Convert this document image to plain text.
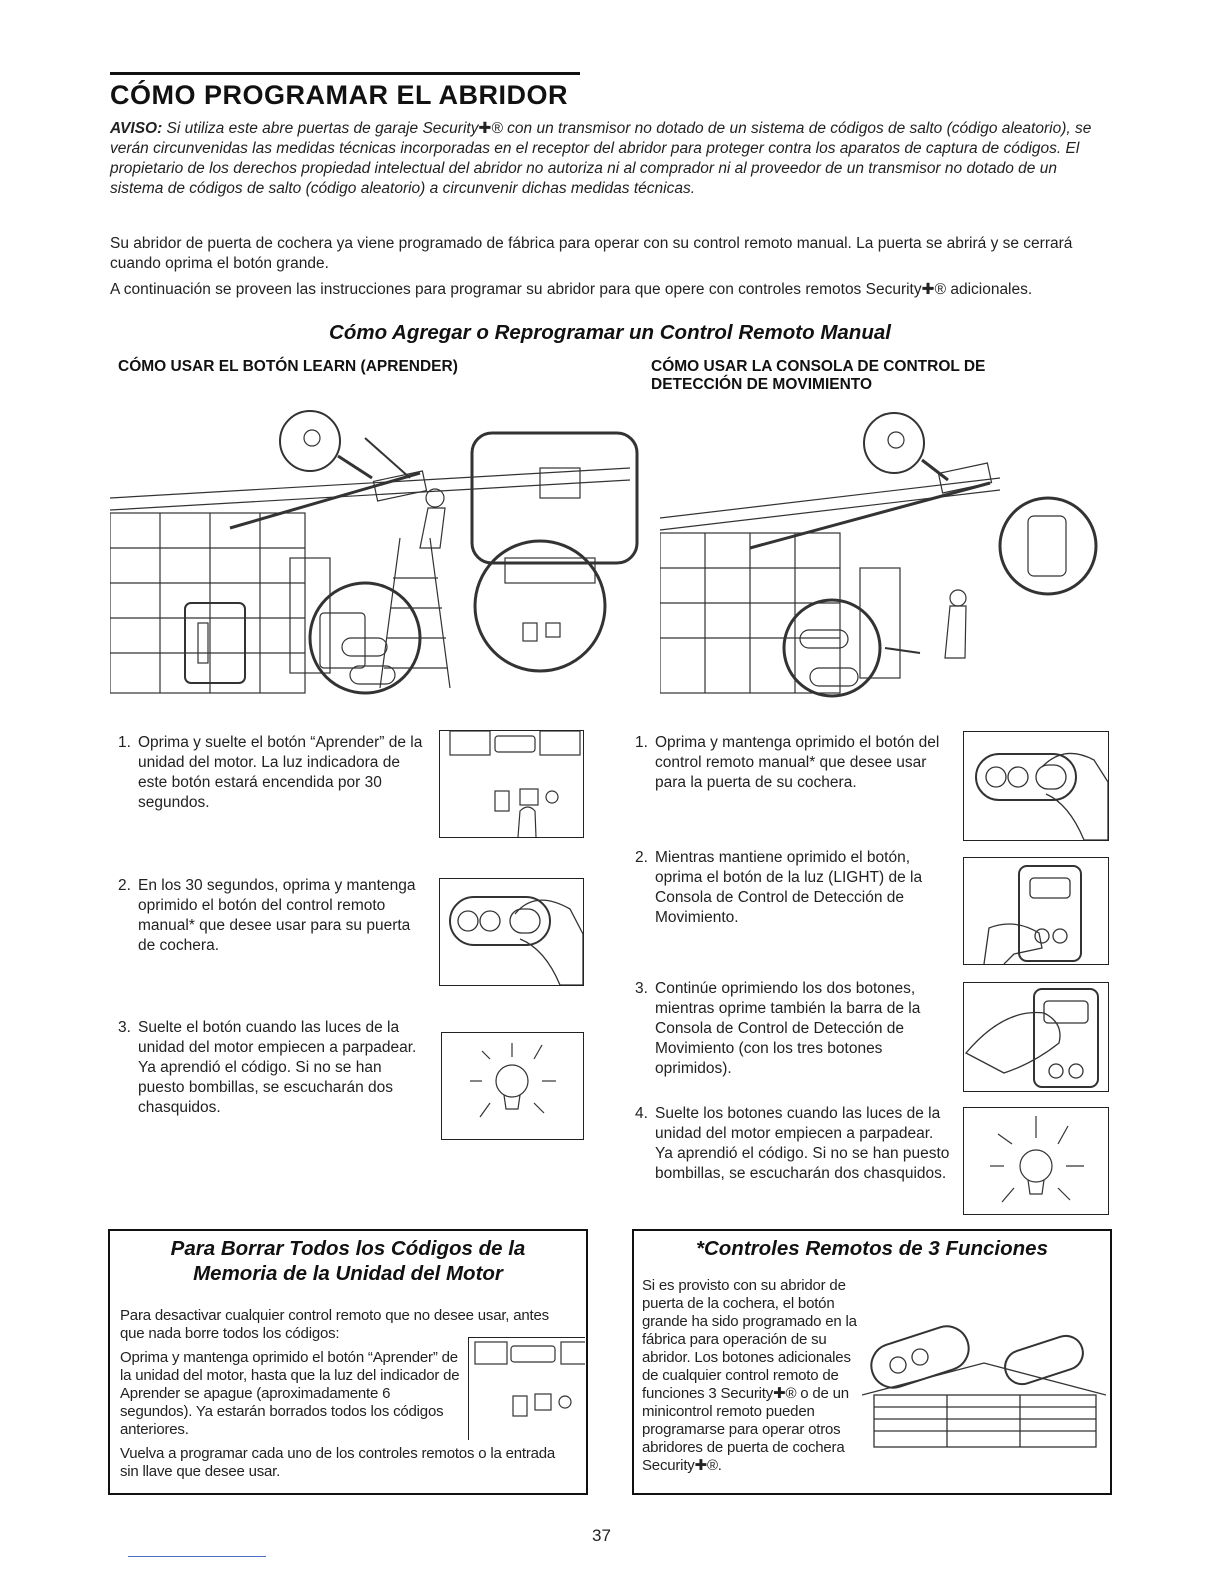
CÓMO PROGRAMAR EL ABRIDOR
AVISO: Si utiliza este abre puertas de garaje Security✚® con un transmisor no dotado de un sistema de códigos de salto (código aleatorio), se verán circunvenidas las medidas técnicas incorporadas en el receptor del abridor para proteger contra los aparatos de captura de códigos. El propietario de los derechos propiedad intelectual del abridor no autoriza ni al comprador ni al proveedor de un transmisor no dotado de un sistema de códigos de salto (código aleatorio) a circunvenir dichas medidas técnicas.
Su abridor de puerta de cochera ya viene programado de fábrica para operar con su control remoto manual. La puerta se abrirá y se cerrará cuando oprima el botón grande.
A continuación se proveen las instrucciones para programar su abridor para que opere con controles remotos Security✚® adicionales.
Cómo Agregar o Reprogramar un Control Remoto Manual
CÓMO USAR EL BOTÓN LEARN (APRENDER)	CÓMO USAR LA CONSOLA DE CONTROL DE DETECCIÓN DE MOVIMIENTO
1. Oprima y suelte el botón “Aprender” de la unidad del motor. La luz indicadora de este botón estará encendida por 30 segundos.
2. En los 30 segundos, oprima y mantenga oprimido el botón del control remoto manual* que desee usar para su puerta de cochera.
3. Suelte el botón cuando las luces de la unidad del motor empiecen a parpadear. Ya aprendió el código. Si no se han puesto bombillas, se escucharán dos chasquidos.
1. Oprima y mantenga oprimido el botón del control remoto manual* que desee usar para la puerta de su cochera.
2. Mientras mantiene oprimido el botón, oprima el botón de la luz (LIGHT) de la Consola de Control de Detección de Movimiento.
3. Continúe oprimiendo los dos botones, mientras oprime también la barra de la Consola de Control de Detección de Movimiento (con los tres botones oprimidos).
4. Suelte los botones cuando las luces de la unidad del motor empiecen a parpadear. Ya aprendió el código. Si no se han puesto bombillas, se escucharán dos chasquidos.
Para Borrar Todos los Códigos de la Memoria de la Unidad del Motor
Para desactivar cualquier control remoto que no desee usar, antes que nada borre todos los códigos:
Oprima y mantenga oprimido el botón “Aprender” de la unidad del motor, hasta que la luz del indicador de Aprender se apague (aproximadamente 6 segundos). Ya estarán borrados todos los códigos anteriores.
Vuelva a programar cada uno de los controles remotos o la entrada sin llave que desee usar.
*Controles Remotos de 3 Funciones
Si es provisto con su abridor de puerta de la cochera, el botón grande ha sido programado en la fábrica para operación de su abridor. Los botones adicionales de cualquier control remoto de funciones 3 Security✚® o de un minicontrol remoto pueden programarse para operar otros abridores de puerta de cochera Security✚®.
37
